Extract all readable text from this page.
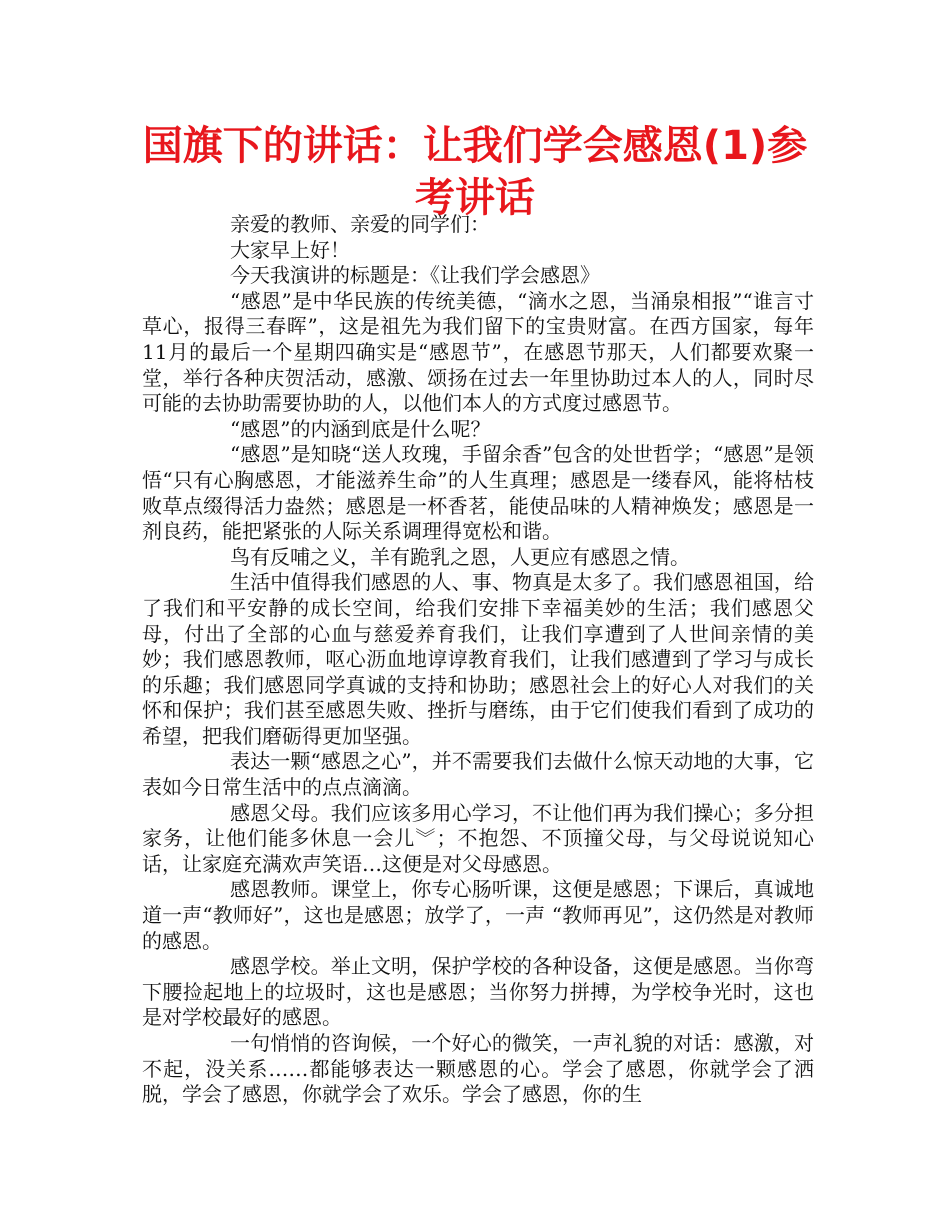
国旗下的讲话：让我们学会感恩(1)参考讲话

亲爱的教师、亲爱的同学们：

大家早上好！

今天我演讲的标题是：《让我们学会感恩》

“感恩”是中华民族的传统美德，“滴水之恩，当涌泉相报”“谁言寸草心，报得三春晖”，这是祖先为我们留下的宝贵财富。在西方国家，每年11月的最后一个星期四确实是“感恩节”，在感恩节那天，人们都要欢聚一堂，举行各种庆贺活动，感激、颂扬在过去一年里协助过本人的人，同时尽可能的去协助需要协助的人，以他们本人的方式度过感恩节。

“感恩”的内涵到底是什么呢？

“感恩”是知晓“送人玫瑰，手留余香”包含的处世哲学；“感恩”是领悟“只有心胸感恩，才能滋养生命”的人生真理；感恩是一缕春风，能将枯枝败草点缀得活力盎然；感恩是一杯香茗，能使品味的人精神焕发；感恩是一剂良药，能把紧张的人际关系调理得宽松和谐。

鸟有反哺之义，羊有跪乳之恩，人更应有感恩之情。

生活中值得我们感恩的人、事、物真是太多了。我们感恩祖国，给了我们和平安静的成长空间，给我们安排下幸福美妙的生活；我们感恩父母，付出了全部的心血与慈爱养育我们，让我们享遭到了人世间亲情的美妙；我们感恩教师，呕心沥血地谆谆教育我们，让我们感遭到了学习与成长的乐趣；我们感恩同学真诚的支持和协助；感恩社会上的好心人对我们的关怀和保护；我们甚至感恩失败、挫折与磨练，由于它们使我们看到了成功的希望，把我们磨砺得更加坚强。

表达一颗“感恩之心”，并不需要我们去做什么惊天动地的大事，它表如今日常生活中的点点滴滴。

感恩父母。我们应该多用心学习，不让他们再为我们操心；多分担家务，让他们能多休息一会儿︾；不抱怨、不顶撞父母，与父母说说知心话，让家庭充满欢声笑语…这便是对父母感恩。

感恩教师。课堂上，你专心肠听课，这便是感恩；下课后，真诚地道一声“教师好”，这也是感恩；放学了，一声 “教师再见”，这仍然是对教师的感恩。

感恩学校。举止文明，保护学校的各种设备，这便是感恩。当你弯下腰捡起地上的垃圾时，这也是感恩；当你努力拼搏，为学校争光时，这也是对学校最好的感恩。

一句悄悄的咨询候，一个好心的微笑，一声礼貌的对话：感激，对不起，没关系……都能够表达一颗感恩的心。学会了感恩，你就学会了洒脱，学会了感恩，你就学会了欢乐。学会了感恩，你的生
